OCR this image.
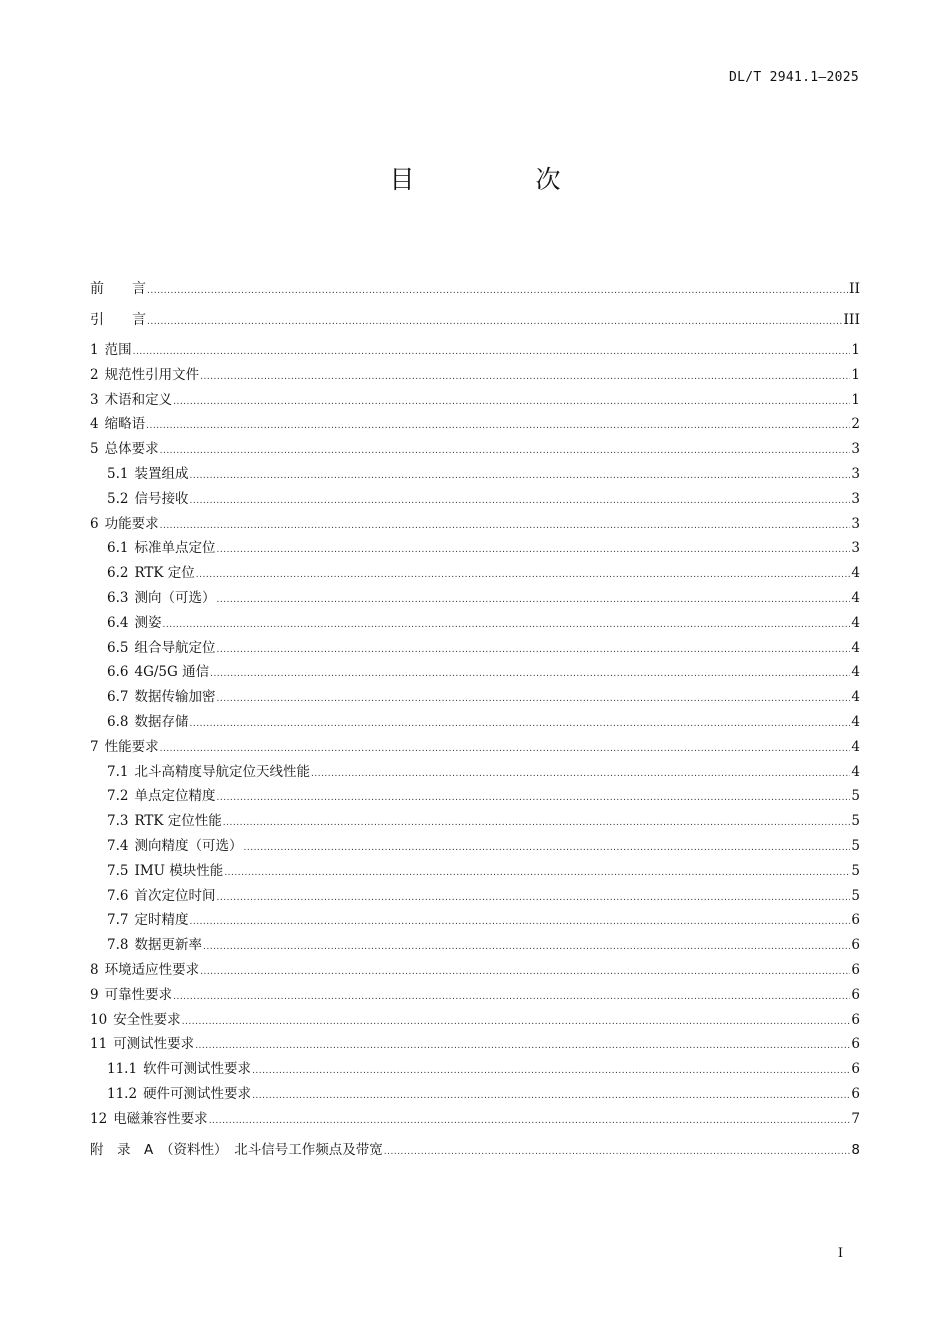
DL/T 2941.1—2025
目　次
前　　言 .....	II
引　　言 .....	III
1 范围 .....	1
2 规范性引用文件 .....	1
3 术语和定义 .....	1
4 缩略语 .....	2
5 总体要求 .....	3
5.1 装置组成 .....	3
5.2 信号接收 .....	3
6 功能要求 .....	3
6.1 标准单点定位 .....	3
6.2 RTK 定位 .....	4
6.3 测向（可选） .....	4
6.4 测姿 .....	4
6.5 组合导航定位 .....	4
6.6 4G/5G 通信 .....	4
6.7 数据传输加密 .....	4
6.8 数据存储 .....	4
7 性能要求 .....	4
7.1 北斗高精度导航定位天线性能 .....	4
7.2 单点定位精度 .....	5
7.3 RTK 定位性能 .....	5
7.4 测向精度（可选） .....	5
7.5 IMU 模块性能 .....	5
7.6 首次定位时间 .....	5
7.7 定时精度 .....	6
7.8 数据更新率 .....	6
8 环境适应性要求 .....	6
9 可靠性要求 .....	6
10 安全性要求 .....	6
11 可测试性要求 .....	6
11.1 软件可测试性要求 .....	6
11.2 硬件可测试性要求 .....	6
12 电磁兼容性要求 .....	7
附　录　A　（资料性）　北斗信号工作频点及带宽 .....	8
I
